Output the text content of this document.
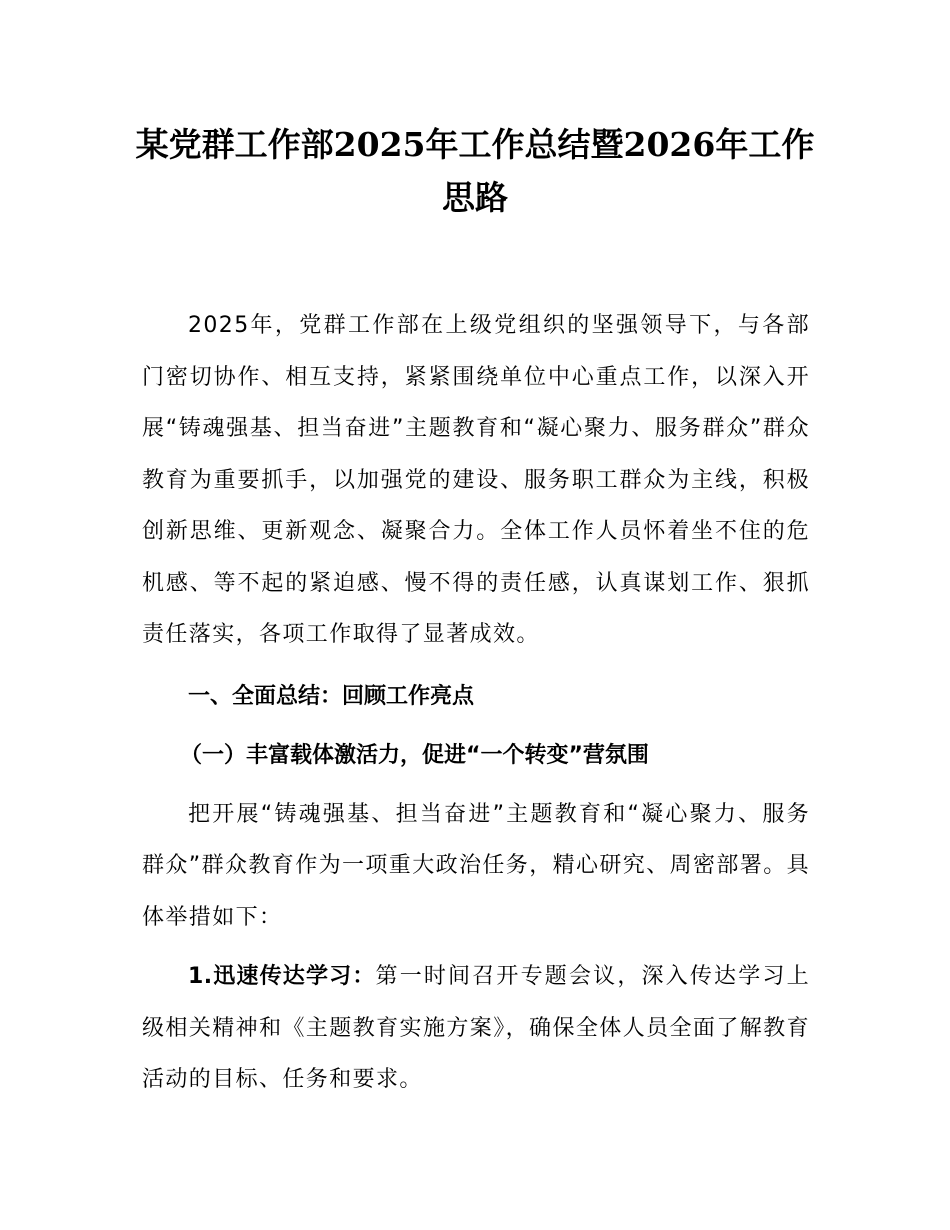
某党群工作部2025年工作总结暨2026年工作思路

2025年，党群工作部在上级党组织的坚强领导下，与各部门密切协作、相互支持，紧紧围绕单位中心重点工作，以深入开展“铸魂强基、担当奋进”主题教育和“凝心聚力、服务群众”群众教育为重要抓手，以加强党的建设、服务职工群众为主线，积极创新思维、更新观念、凝聚合力。全体工作人员怀着坐不住的危机感、等不起的紧迫感、慢不得的责任感，认真谋划工作、狠抓责任落实，各项工作取得了显著成效。

一、全面总结：回顾工作亮点

（一）丰富载体激活力，促进“一个转变”营氛围

把开展“铸魂强基、担当奋进”主题教育和“凝心聚力、服务群众”群众教育作为一项重大政治任务，精心研究、周密部署。具体举措如下：

1.迅速传达学习：第一时间召开专题会议，深入传达学习上级相关精神和《主题教育实施方案》，确保全体人员全面了解教育活动的目标、任务和要求。
